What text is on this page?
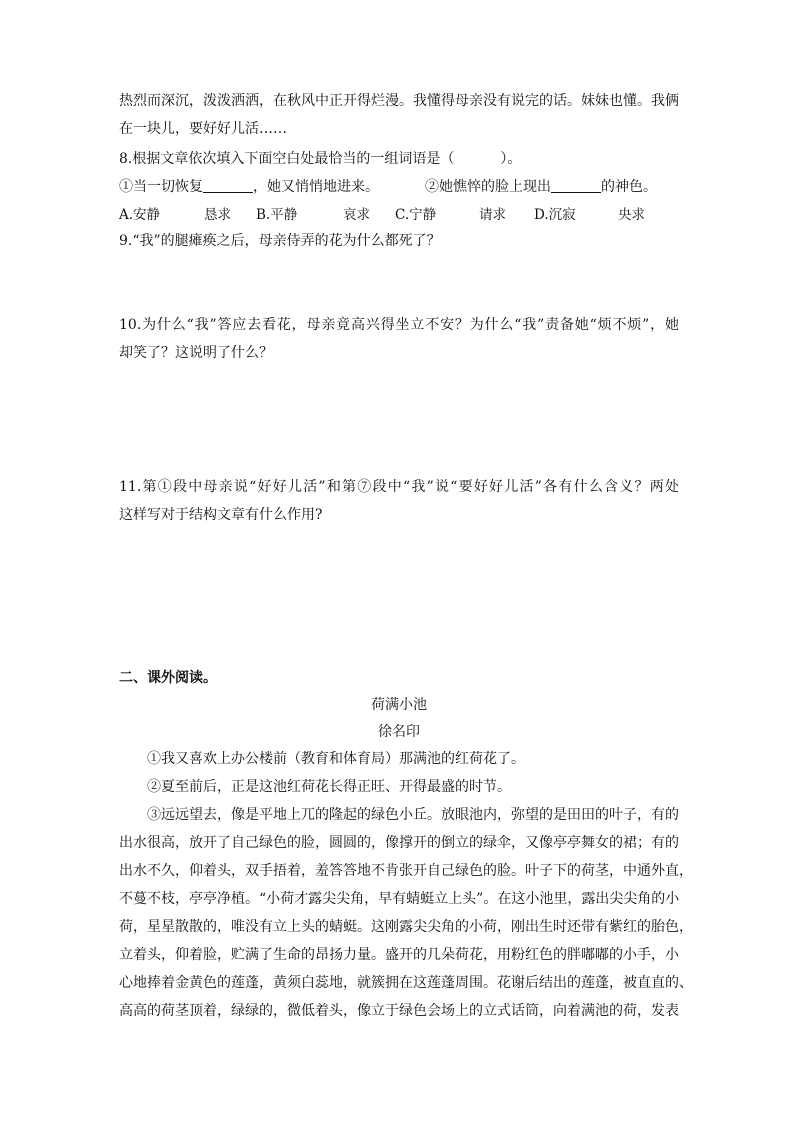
热烈而深沉，泼泼洒洒，在秋风中正开得烂漫。我懂得母亲没有说完的话。妹妹也懂。我俩
在一块儿，要好好儿活……
8.根据文章依次填入下面空白处最恰当的一组词语是（	）。
①当一切恢复	，她又悄悄地进来。	②她憔悴的脸上现出	的神色。
A.安静	恳求 B.平静	哀求 C.宁静	请求 D.沉寂	央求
9.“我”的腿瘫痪之后，母亲侍弄的花为什么都死了？
10.为什么“我”答应去看花，母亲竟高兴得坐立不安？为什么“我”责备她“烦不烦”，她
却笑了？这说明了什么？
11.第①段中母亲说“好好儿活”和第⑦段中“我”说“要好好儿活”各有什么含义？两处
这样写对于结构文章有什么作用?
二、课外阅读。
荷满小池
徐名印
①我又喜欢上办公楼前（教育和体育局）那满池的红荷花了。
②夏至前后，正是这池红荷花长得正旺、开得最盛的时节。
③远远望去，像是平地上兀的隆起的绿色小丘。放眼池内，弥望的是田田的叶子，有的
出水很高，放开了自己绿色的脸，圆圆的，像撑开的倒立的绿伞，又像亭亭舞女的裙；有的
出水不久，仰着头，双手捂着，羞答答地不肯张开自己绿色的脸。叶子下的荷茎，中通外直，
不蔓不枝，亭亭净植。“小荷才露尖尖角，早有蜻蜓立上头”。在这小池里，露出尖尖角的小
荷，星星散散的，唯没有立上头的蜻蜓。这刚露尖尖角的小荷，刚出生时还带有紫红的胎色，
立着头，仰着脸，贮满了生命的昂扬力量。盛开的几朵荷花，用粉红色的胖嘟嘟的小手，小
心地捧着金黄色的莲蓬，黄须白蕊地，就簇拥在这莲蓬周围。花谢后结出的莲蓬，被直直的、
高高的荷茎顶着，绿绿的，微低着头，像立于绿色会场上的立式话筒，向着满池的荷，发表
